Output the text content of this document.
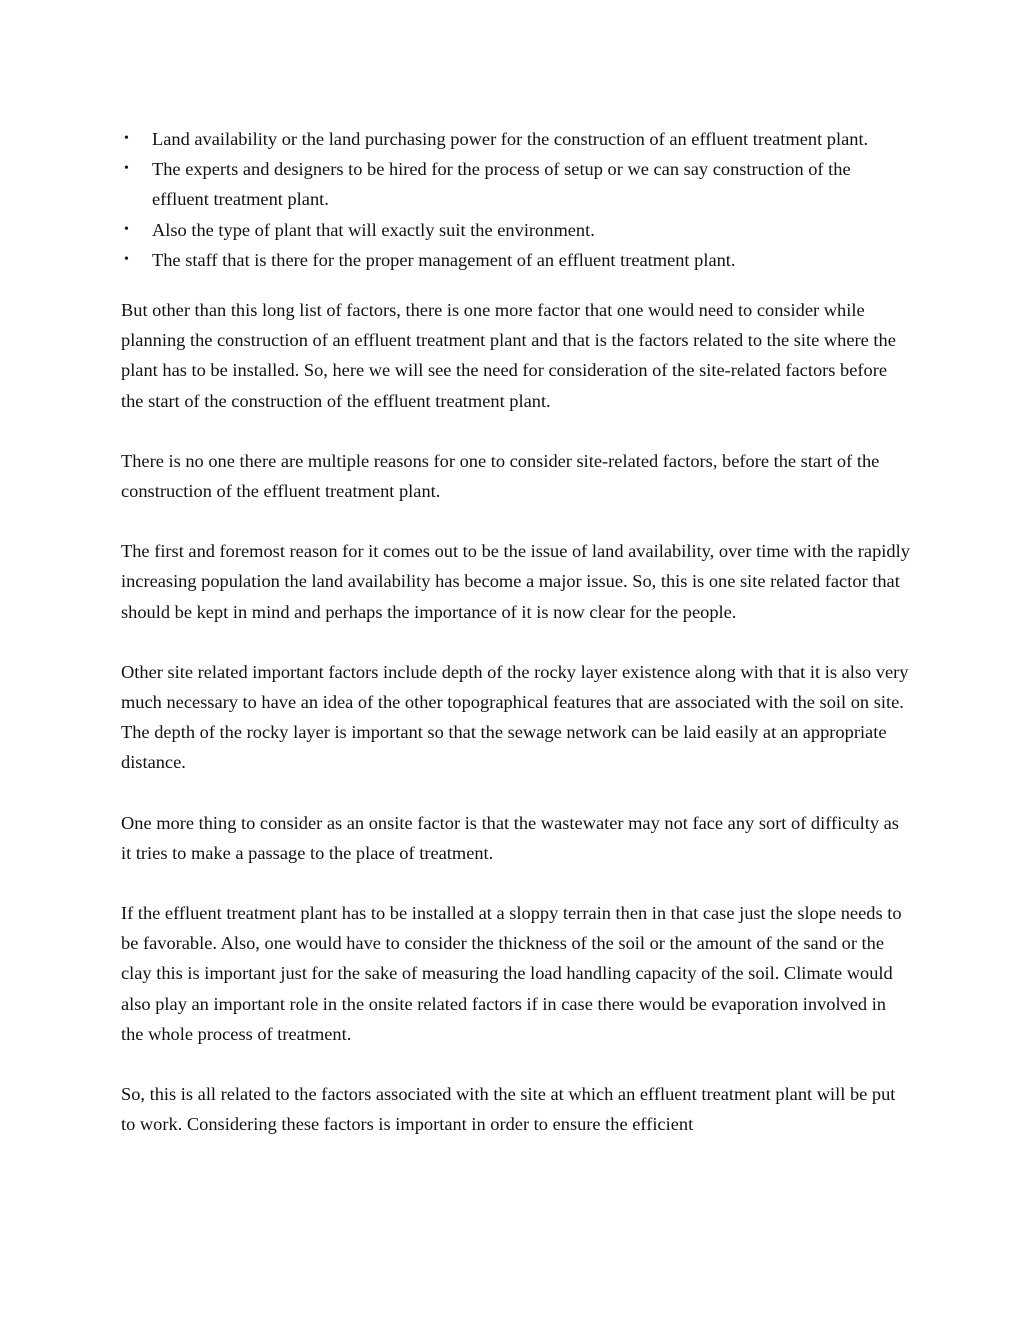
• Land availability or the land purchasing power for the construction of an effluent treatment plant.
• The experts and designers to be hired for the process of setup or we can say construction of the effluent treatment plant.
• Also the type of plant that will exactly suit the environment.
• The staff that is there for the proper management of an effluent treatment plant.

But other than this long list of factors, there is one more factor that one would need to consider while planning the construction of an effluent treatment plant and that is the factors related to the site where the plant has to be installed. So, here we will see the need for consideration of the site-related factors before the start of the construction of the effluent treatment plant.

There is no one there are multiple reasons for one to consider site-related factors, before the start of the construction of the effluent treatment plant.

The first and foremost reason for it comes out to be the issue of land availability, over time with the rapidly increasing population the land availability has become a major issue. So, this is one site related factor that should be kept in mind and perhaps the importance of it is now clear for the people.

Other site related important factors include depth of the rocky layer existence along with that it is also very much necessary to have an idea of the other topographical features that are associated with the soil on site. The depth of the rocky layer is important so that the sewage network can be laid easily at an appropriate distance.

One more thing to consider as an onsite factor is that the wastewater may not face any sort of difficulty as it tries to make a passage to the place of treatment.

If the effluent treatment plant has to be installed at a sloppy terrain then in that case just the slope needs to be favorable. Also, one would have to consider the thickness of the soil or the amount of the sand or the clay this is important just for the sake of measuring the load handling capacity of the soil. Climate would also play an important role in the onsite related factors if in case there would be evaporation involved in the whole process of treatment.

So, this is all related to the factors associated with the site at which an effluent treatment plant will be put to work. Considering these factors is important in order to ensure the efficient
